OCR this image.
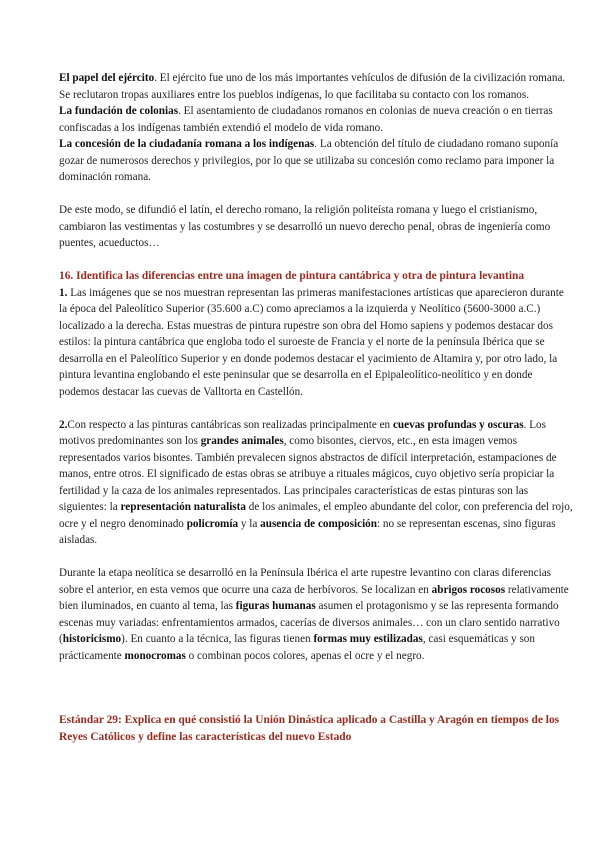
El papel del ejército. El ejército fue uno de los más importantes vehículos de difusión de la civilización romana. Se reclutaron tropas auxiliares entre los pueblos indígenas, lo que facilitaba su contacto con los romanos.

La fundación de colonias. El asentamiento de ciudadanos romanos en colonias de nueva creación o en tierras confiscadas a los indígenas también extendió el modelo de vida romano.

La concesión de la ciudadanía romana a los indígenas. La obtención del título de ciudadano romano suponía gozar de numerosos derechos y privilegios, por lo que se utilizaba su concesión como reclamo para imponer la dominación romana.

De este modo, se difundió el latín, el derecho romano, la religión politeísta romana y luego el cristianismo, cambiaron las vestimentas y las costumbres y se desarrolló un nuevo derecho penal, obras de ingeniería como puentes, acueductos…

16. Identifica las diferencias entre una imagen de pintura cantábrica y otra de pintura levantina

1. Las imágenes que se nos muestran representan las primeras manifestaciones artísticas que aparecieron durante la época del Paleolítico Superior (35.600 a.C) como apreciamos a la izquierda y Neolítico (5600-3000 a.C.) localizado a la derecha. Estas muestras de pintura rupestre son obra del Homo sapiens y podemos destacar dos estilos: la pintura cantábrica que engloba todo el suroeste de Francia y el norte de la península Ibérica que se desarrolla en el Paleolítico Superior y en donde podemos destacar el yacimiento de Altamira y, por otro lado, la pintura levantina englobando el este peninsular que se desarrolla en el Epipaleolítico-neolítico y en donde podemos destacar las cuevas de Valltorta en Castellón.

2.Con respecto a las pinturas cantábricas son realizadas principalmente en cuevas profundas y oscuras. Los motivos predominantes son los grandes animales, como bisontes, ciervos, etc., en esta imagen vemos representados varios bisontes. También prevalecen signos abstractos de difícil interpretación, estampaciones de manos, entre otros. El significado de estas obras se atribuye a rituales mágicos, cuyo objetivo sería propiciar la fertilidad y la caza de los animales representados. Las principales características de estas pinturas son las siguientes: la representación naturalista de los animales, el empleo abundante del color, con preferencia del rojo, ocre y el negro denominado policromía y la ausencia de composición: no se representan escenas, sino figuras aisladas.

Durante la etapa neolítica se desarrolló en la Península Ibérica el arte rupestre levantino con claras diferencias sobre el anterior, en esta vemos que ocurre una caza de herbívoros. Se localizan en abrigos rocosos relativamente bien iluminados, en cuanto al tema, las figuras humanas asumen el protagonismo y se las representa formando escenas muy variadas: enfrentamientos armados, cacerías de diversos animales… con un claro sentido narrativo (historicismo). En cuanto a la técnica, las figuras tienen formas muy estilizadas, casi esquemáticas y son prácticamente monocromas o combinan pocos colores, apenas el ocre y el negro.

Estándar 29: Explica en qué consistió la Unión Dinástica aplicado a Castilla y Aragón en tiempos de los Reyes Católicos y define las características del nuevo Estado
